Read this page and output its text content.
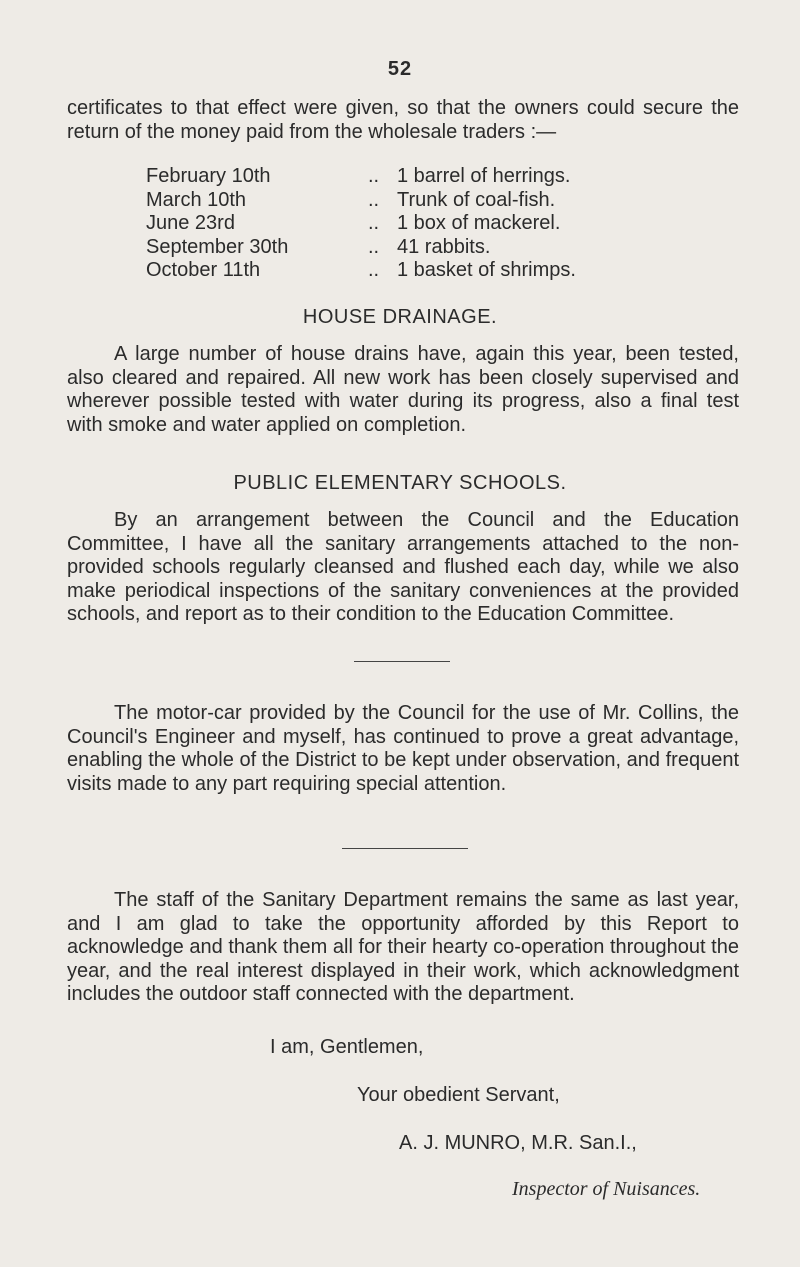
52

certificates to that effect were given, so that the owners could secure the return of the money paid from the wholesale traders :—

February 10th	.. 1 barrel of herrings.
March 10th	.. Trunk of coal-fish.
June 23rd	.. 1 box of mackerel.
September 30th	.. 41 rabbits.
October 11th	.. 1 basket of shrimps.
HOUSE DRAINAGE.

A large number of house drains have, again this year, been tested, also cleared and repaired. All new work has been closely supervised and wherever possible tested with water during its progress, also a final test with smoke and water applied on completion.

PUBLIC ELEMENTARY SCHOOLS.

By an arrangement between the Council and the Education Committee, I have all the sanitary arrangements attached to the non-provided schools regularly cleansed and flushed each day, while we also make periodical inspections of the sanitary conveniences at the provided schools, and report as to their condition to the Education Committee.

The motor-car provided by the Council for the use of Mr. Collins, the Council's Engineer and myself, has continued to prove a great advantage, enabling the whole of the District to be kept under observation, and frequent visits made to any part requiring special attention.

The staff of the Sanitary Department remains the same as last year, and I am glad to take the opportunity afforded by this Report to acknowledge and thank them all for their hearty co-operation throughout the year, and the real interest displayed in their work, which acknowledgment includes the outdoor staff connected with the department.

I am, Gentlemen,

Your obedient Servant,

A. J. MUNRO, M.R. San.I.,

Inspector of Nuisances.
